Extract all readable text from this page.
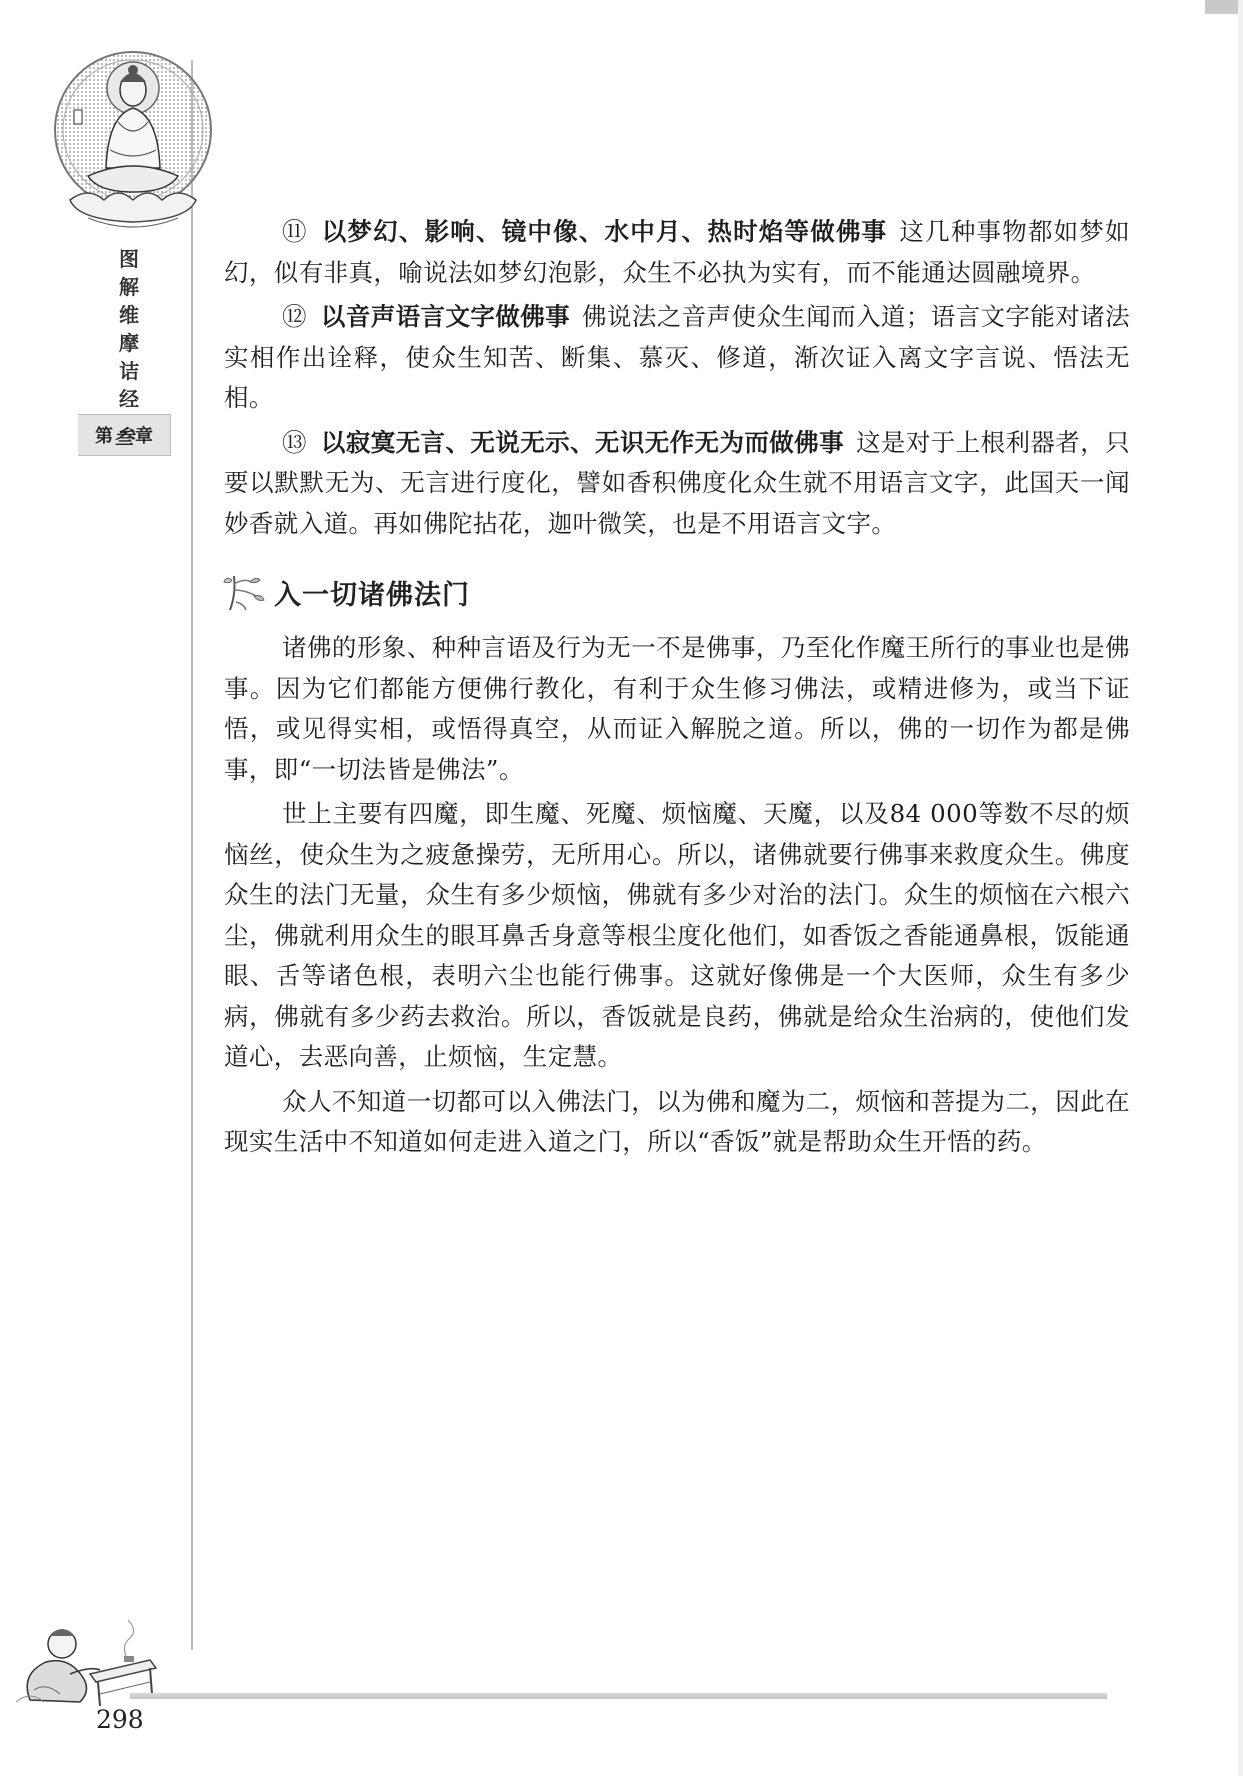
图
解
维
摩
诘
经
第 叁 章

⑪ 以梦幻、影响、镜中像、水中月、热时焰等做佛事 这几种事物都如梦如幻，似有非真，喻说法如梦幻泡影，众生不必执为实有，而不能通达圆融境界。

⑫ 以音声语言文字做佛事 佛说法之音声使众生闻而入道；语言文字能对诸法实相作出诠释，使众生知苦、断集、慕灭、修道，渐次证入离文字言说、悟法无相。

⑬ 以寂寞无言、无说无示、无识无作无为而做佛事 这是对于上根利器者，只要以默默无为、无言进行度化，譬如香积佛度化众生就不用语言文字，此国天一闻妙香就入道。再如佛陀拈花，迦叶微笑，也是不用语言文字。

入一切诸佛法门

诸佛的形象、种种言语及行为无一不是佛事，乃至化作魔王所行的事业也是佛事。因为它们都能方便佛行教化，有利于众生修习佛法，或精进修为，或当下证悟，或见得实相，或悟得真空，从而证入解脱之道。所以，佛的一切作为都是佛事，即“一切法皆是佛法”。

世上主要有四魔，即生魔、死魔、烦恼魔、天魔，以及84 000等数不尽的烦恼丝，使众生为之疲惫操劳，无所用心。所以，诸佛就要行佛事来救度众生。佛度众生的法门无量，众生有多少烦恼，佛就有多少对治的法门。众生的烦恼在六根六尘，佛就利用众生的眼耳鼻舌身意等根尘度化他们，如香饭之香能通鼻根，饭能通眼、舌等诸色根，表明六尘也能行佛事。这就好像佛是一个大医师，众生有多少病，佛就有多少药去救治。所以，香饭就是良药，佛就是给众生治病的，使他们发道心，去恶向善，止烦恼，生定慧。

众人不知道一切都可以入佛法门，以为佛和魔为二，烦恼和菩提为二，因此在现实生活中不知道如何走进入道之门，所以“香饭”就是帮助众生开悟的药。

298
